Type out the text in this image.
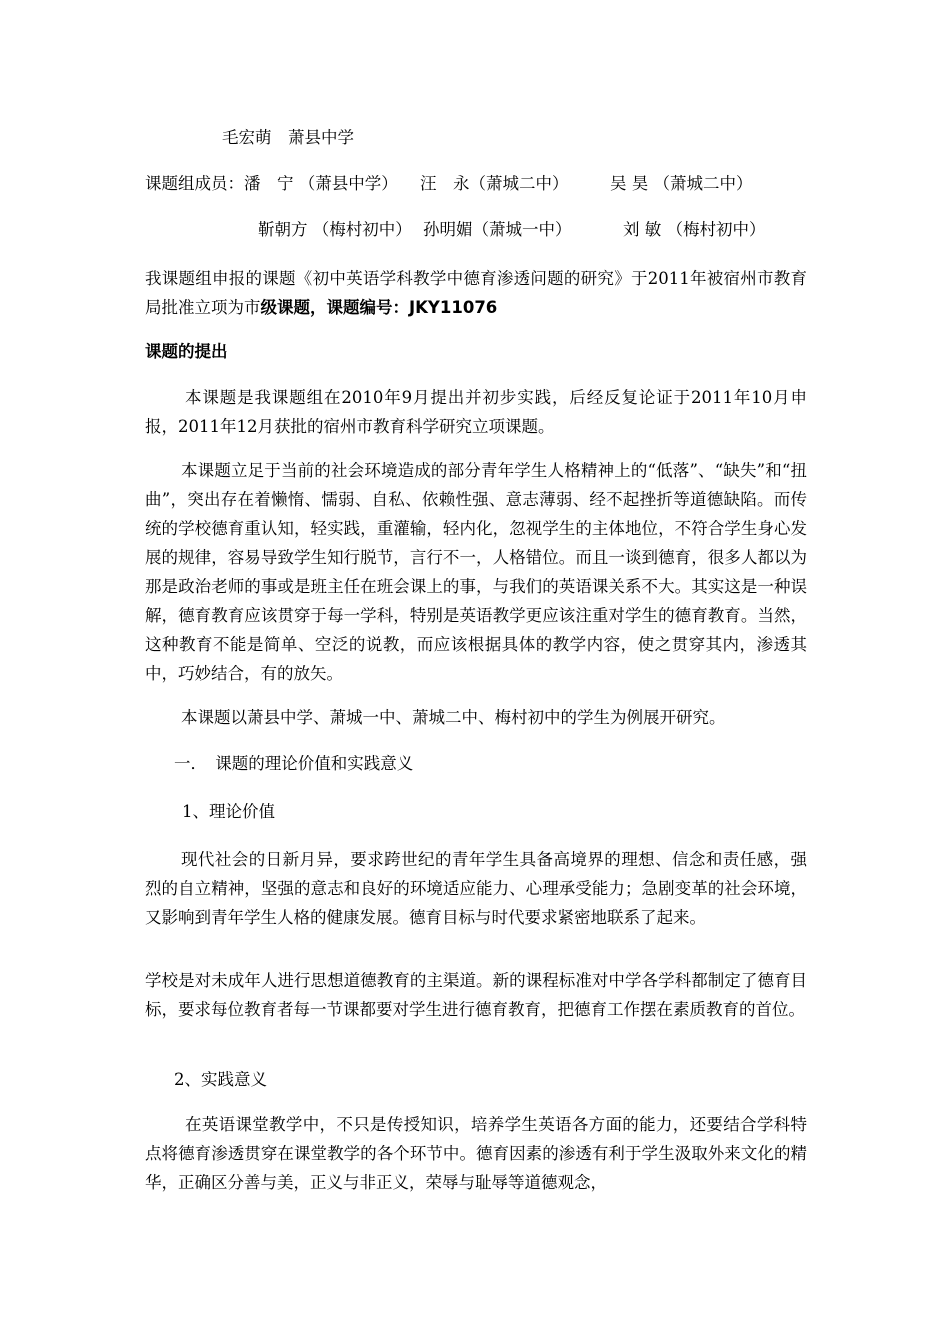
毛宏萌　萧县中学
课题组成员：潘　宁 （萧县中学） 汪　永（萧城二中）	吴 昊 （萧城二中）
靳朝方 （梅村初中） 孙明媚（萧城一中）	刘 敏 （梅村初中）
我课题组申报的课题《初中英语学科教学中德育渗透问题的研究》于2011年被宿州市教育局批准立项为市级课题，课题编号：JKY11076
课题的提出
本课题是我课题组在2010年9月提出并初步实践，后经反复论证于2011年10月申报，2011年12月获批的宿州市教育科学研究立项课题。
本课题立足于当前的社会环境造成的部分青年学生人格精神上的“低落”、“缺失”和“扭曲”，突出存在着懒惰、懦弱、自私、依赖性强、意志薄弱、经不起挫折等道德缺陷。而传统的学校德育重认知，轻实践，重灌输，轻内化，忽视学生的主体地位，不符合学生身心发展的规律，容易导致学生知行脱节，言行不一，人格错位。而且一谈到德育，很多人都以为那是政治老师的事或是班主任在班会课上的事，与我们的英语课关系不大。其实这是一种误解，德育教育应该贯穿于每一学科，特别是英语教学更应该注重对学生的德育教育。当然，这种教育不能是简单、空泛的说教，而应该根据具体的教学内容，使之贯穿其内，渗透其中，巧妙结合，有的放矢。
本课题以萧县中学、萧城一中、萧城二中、梅村初中的学生为例展开研究。
一．　课题的理论价值和实践意义
1、理论价值
现代社会的日新月异，要求跨世纪的青年学生具备高境界的理想、信念和责任感，强烈的自立精神，坚强的意志和良好的环境适应能力、心理承受能力；急剧变革的社会环境，又影响到青年学生人格的健康发展。德育目标与时代要求紧密地联系了起来。
学校是对未成年人进行思想道德教育的主渠道。新的课程标准对中学各学科都制定了德育目标，要求每位教育者每一节课都要对学生进行德育教育，把德育工作摆在素质教育的首位。
2、实践意义
在英语课堂教学中，不只是传授知识，培养学生英语各方面的能力，还要结合学科特点将德育渗透贯穿在课堂教学的各个环节中。德育因素的渗透有利于学生汲取外来文化的精华，正确区分善与美，正义与非正义，荣辱与耻辱等道德观念，
